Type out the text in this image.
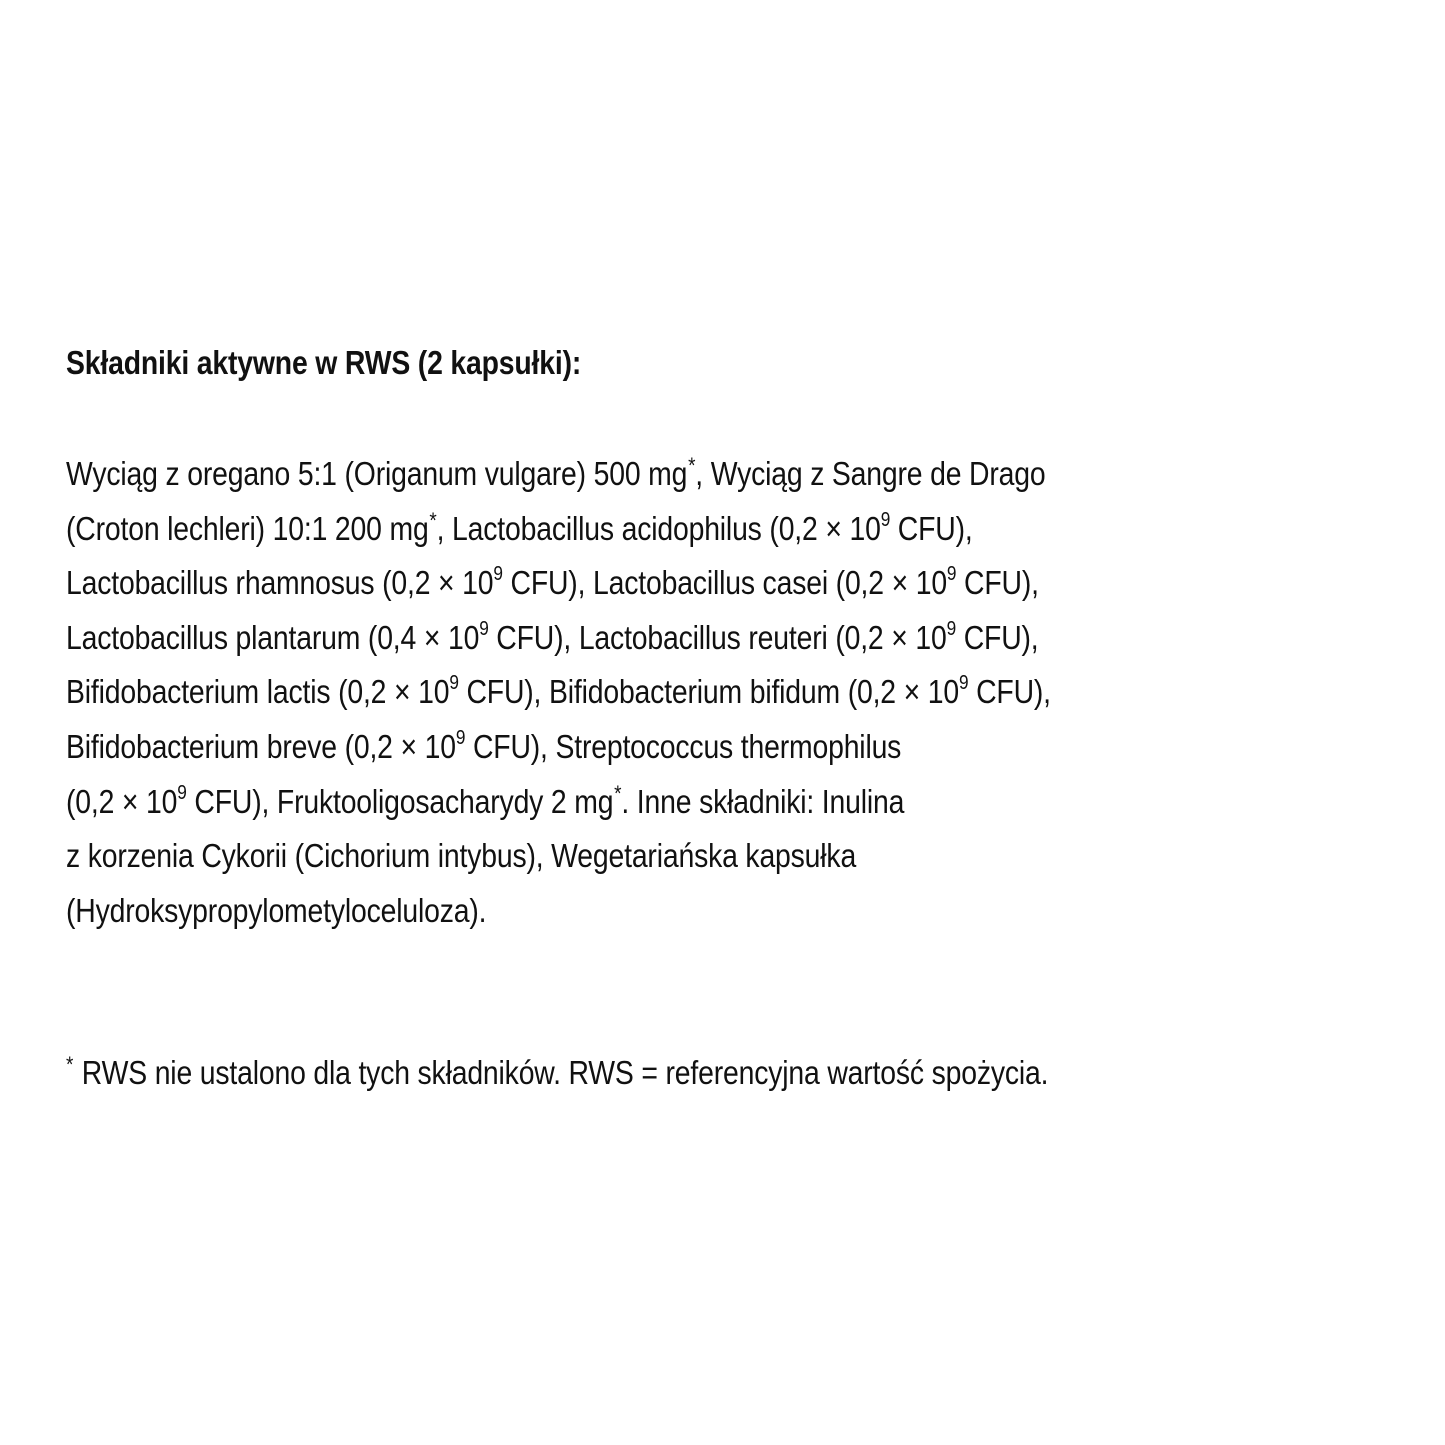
Składniki aktywne w RWS (2 kapsułki):
Wyciąg z oregano 5:1 (Origanum vulgare) 500 mg*, Wyciąg z Sangre de Drago
(Croton lechleri) 10:1 200 mg*, Lactobacillus acidophilus ($0,2 \times 10^9$ CFU),
Lactobacillus rhamnosus ($0,2 \times 10^9$ CFU), Lactobacillus casei ($0,2 \times 10^9$ CFU),
Lactobacillus plantarum ($0,4 \times 10^9$ CFU), Lactobacillus reuteri ($0,2 \times 10^9$ CFU),
Bifidobacterium lactis ($0,2 \times 10^9$ CFU), Bifidobacterium bifidum ($0,2 \times 10^9$ CFU),
Bifidobacterium breve ($0,2 \times 10^9$ CFU), Streptococcus thermophilus
($0,2 \times 10^9$ CFU), Fruktooligosacharydy 2 mg*. Inne składniki: Inulina
z korzenia Cykorii (Cichorium intybus), Wegetariańska kapsułka
(Hydroksypropylometyloceluloza).
* RWS nie ustalono dla tych składników. RWS = referencyjna wartość spożycia.
